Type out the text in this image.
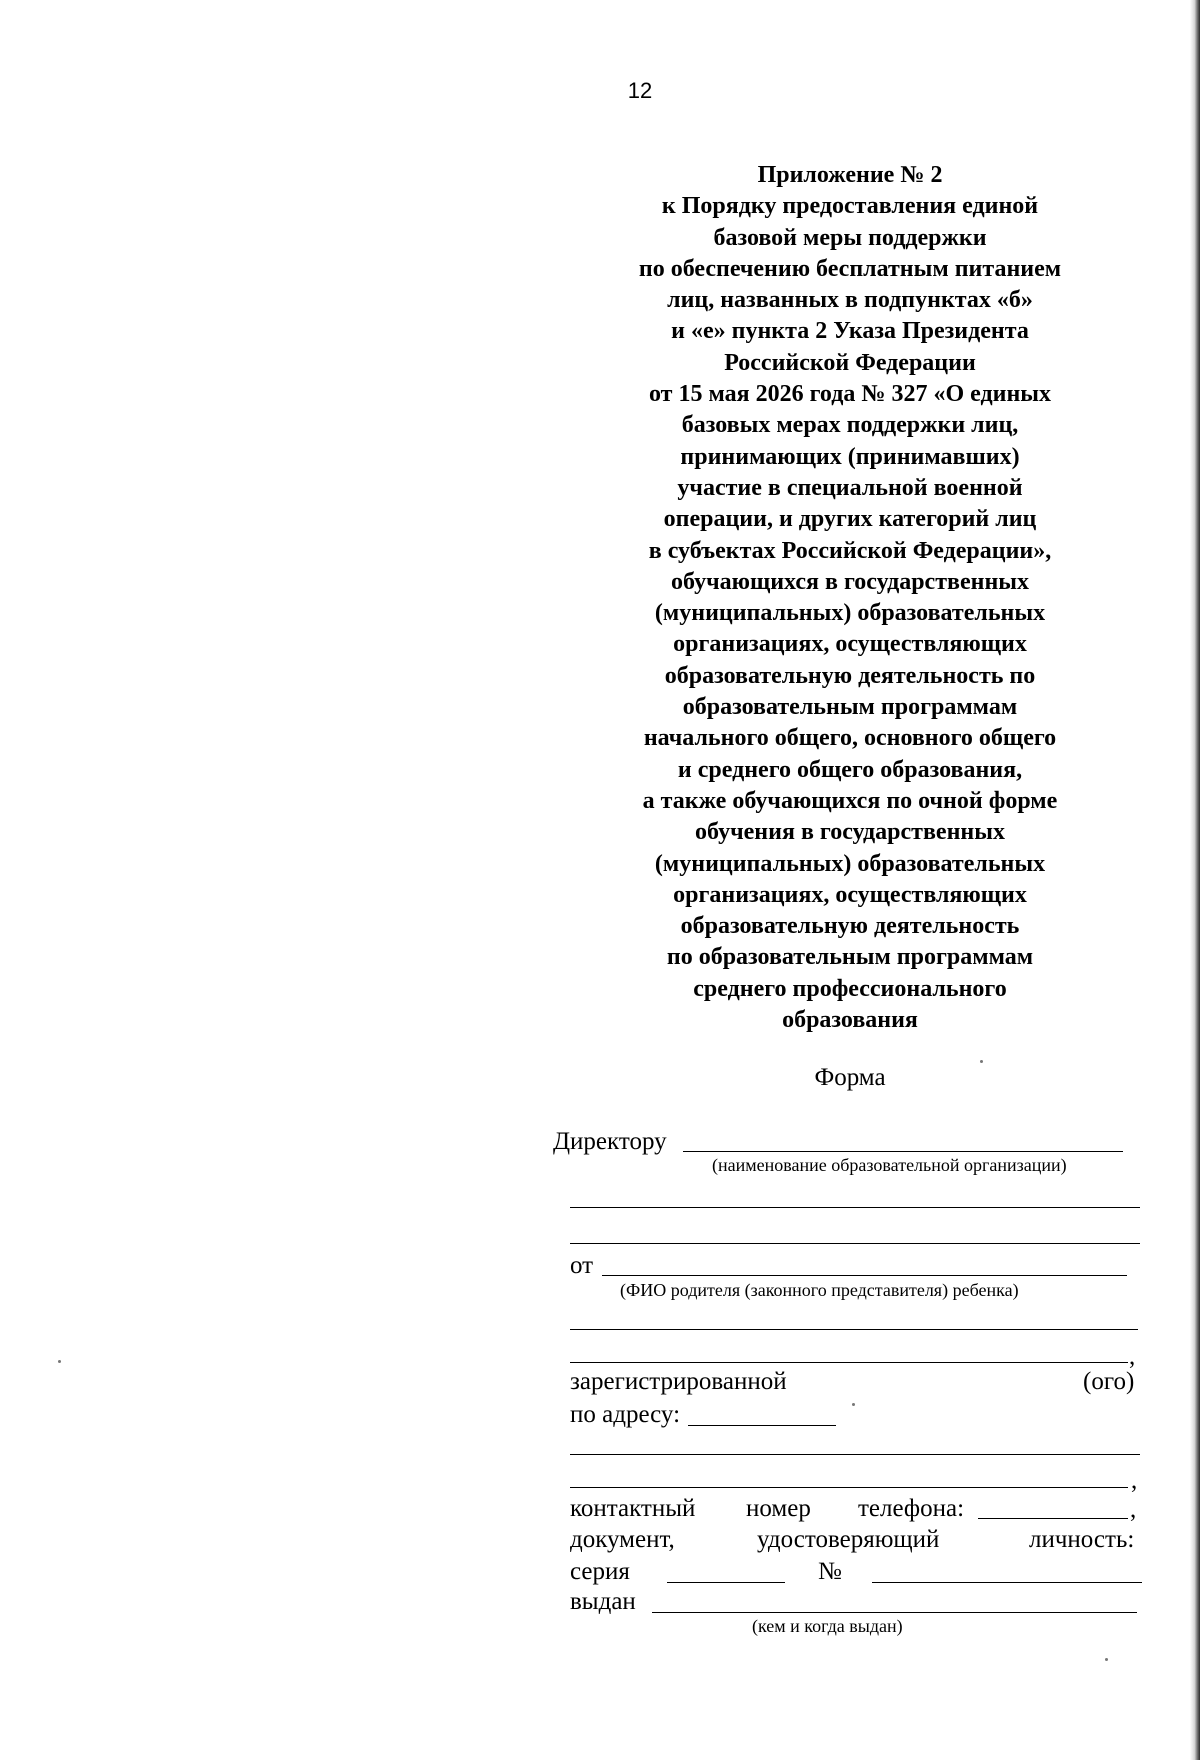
12
Приложение № 2
к Порядку предоставления единой
базовой меры поддержки
по обеспечению бесплатным питанием
лиц, названных в подпунктах «б»
и «е» пункта 2 Указа Президента
Российской Федерации
от 15 мая 2026 года № 327 «О единых
базовых мерах поддержки лиц,
принимающих (принимавших)
участие в специальной военной
операции, и других категорий лиц
в субъектах Российской Федерации»,
обучающихся в государственных
(муниципальных) образовательных
организациях, осуществляющих
образовательную деятельность по
образовательным программам
начального общего, основного общего
и среднего общего образования,
а также обучающихся по очной форме
обучения в государственных
(муниципальных) образовательных
организациях, осуществляющих
образовательную деятельность
по образовательным программам
среднего профессионального
образования
Форма
Директору
(наименование образовательной организации)
от
(ФИО родителя (законного представителя) ребенка)
,
зарегистрированной	(ого)
по адресу:
,
контактный номер телефона:	,
документ,	удостоверяющий	личность:
серия	№
выдан
(кем и когда выдан)
